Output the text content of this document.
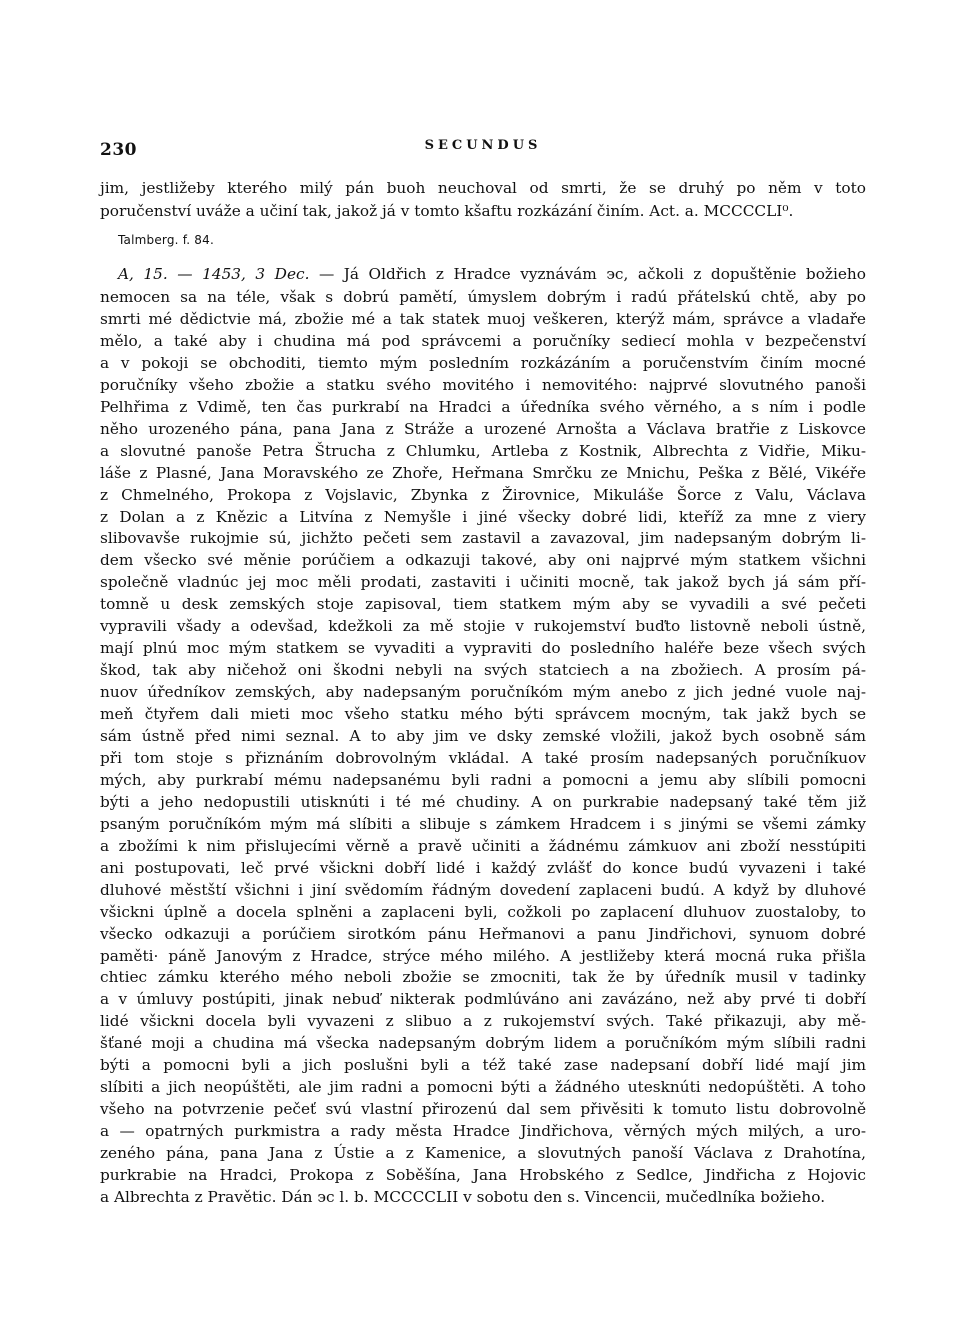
230	SECUNDUS
jim, jestližeby kterého milý pán buoh neuchoval od smrti, že se druhý po něm v toto
poručenství uváže a učiní tak, jakož já v tomto kšaftu rozkázání činím. Act. a. MCCCCLI⁰.
Talmberg. f. 84.
A, 15. — 1453, 3 Dec. — Já Oldřich z Hradce vyznávám эc, ačkoli z dopuštěnie božieho
nemocen sa na téle, však s dobrú pamětí, úmyslem dobrým i radú přátelskú chtě, aby po
smrti mé dědictvie má, zbožie mé a tak statek muoj veškeren, kterýž mám, správce a vladaře
mělo, a také aby i chudina má pod správcemi a poručníky sediecí mohla v bezpečenství
a v pokoji se obchoditi, tiemto mým posledním rozkázáním a poručenstvím činím mocné
poručníky všeho zbožie a statku svého movitého i nemovitého: najprvé slovutného panoši
Pelhřima z Vdimě, ten čas purkrabí na Hradci a úředníka svého věrného, a s ním i podle
něho urozeného pána, pana Jana z Stráže a urozené Arnošta a Václava bratřie z Liskovce
a slovutné panoše Petra Štrucha z Chlumku, Artleba z Kostnik, Albrechta z Vidřie, Miku-
láše z Plasné, Jana Moravského ze Zhoře, Heřmana Smrčku ze Mnichu, Peška z Bělé, Vikéře
z Chmelného, Prokopa z Vojslavic, Zbynka z Žirovnice, Mikuláše Šorce z Valu, Václava
z Dolan a z Knězic a Litvína z Nemyšle i jiné všecky dobré lidi, kteříž za mne z viery
slibovavše rukojmie sú, jichžto pečeti sem zastavil a zavazoval, jim nadepsaným dobrým li-
dem všecko své měnie porúčiem a odkazuji takové, aby oni najprvé mým statkem všichni
společně vladnúc jej moc měli prodati, zastaviti i učiniti mocně, tak jakož bych já sám pří-
tomně u desk zemských stoje zapisoval, tiem statkem mým aby se vyvadili a své pečeti
vypravili všady a odevšad, kdežkoli za mě stojie v rukojemství buďto listovně neboli ústně,
mají plnú moc mým statkem se vyvaditi a vypraviti do posledního haléře beze všech svých
škod, tak aby ničehož oni škodni nebyli na svých statciech a na zbožiech. A prosím pá-
nuov úředníkov zemských, aby nadepsaným poručníkóm mým anebo z jich jedné vuole naj-
meň čtyřem dali mieti moc všeho statku mého býti správcem mocným, tak jakž bych se
sám ústně před nimi seznal. A to aby jim ve dsky zemské vložili, jakož bych osobně sám
při tom stoje s přiznáním dobrovolným vkládal. A také prosím nadepsaných poručníkuov
mých, aby purkrabí mému nadepsanému byli radni a pomocni a jemu aby slíbili pomocni
býti a jeho nedopustili utisknúti i té mé chudiny. A on purkrabie nadepsaný také těm již
psaným poručníkóm mým má slíbiti a slibuje s zámkem Hradcem i s jinými se všemi zámky
a zbožími k nim přislujecími věrně a pravě učiniti a žádnému zámkuov ani zboží nesstúpiti
ani postupovati, leč prvé všickni dobří lidé i každý zvlášť do konce budú vyvazeni i také
dluhové městští všichni i jiní svědomím řádným dovedení zaplaceni budú. A když by dluhové
všickni úplně a docela splněni a zaplaceni byli, cožkoli po zaplacení dluhuov zuostaloby, to
všecko odkazuji a porúčiem sirotkóm pánu Heřmanovi a panu Jindřichovi, synuom dobré
paměti· páně Janovým z Hradce, strýce mého milého. A jestližeby která mocná ruka přišla
chtiec zámku kterého mého neboli zbožie se zmocniti, tak že by úředník musil v tadinky
a v úmluvy postúpiti, jinak nebuď nikterak podmlúváno ani zavázáno, než aby prvé ti dobří
lidé všickni docela byli vyvazeni z slibuo a z rukojemství svých. Také přikazuji, aby mě-
šťané moji a chudina má všecka nadepsaným dobrým lidem a poručníkóm mým slíbili radni
býti a pomocni byli a jich poslušni byli a též také zase nadepsaní dobří lidé mají jim
slíbiti a jich neopúštěti, ale jim radni a pomocni býti a žádného utesknúti nedopúštěti. A toho
všeho na potvrzenie pečeť svú vlastní přirozenú dal sem přivěsiti k tomuto listu dobrovolně
a — opatrných purkmistra a rady města Hradce Jindřichova, věrných mých milých, a uro-
zeného pána, pana Jana z Ústie a z Kamenice, a slovutných panoší Václava z Drahotína,
purkrabie na Hradci, Prokopa z Soběšína, Jana Hrobského z Sedlce, Jindřicha z Hojovic
a Albrechta z Pravětic. Dán эc l. b. MCCCCLII v sobotu den s. Vincencii, mučedlníka božieho.
